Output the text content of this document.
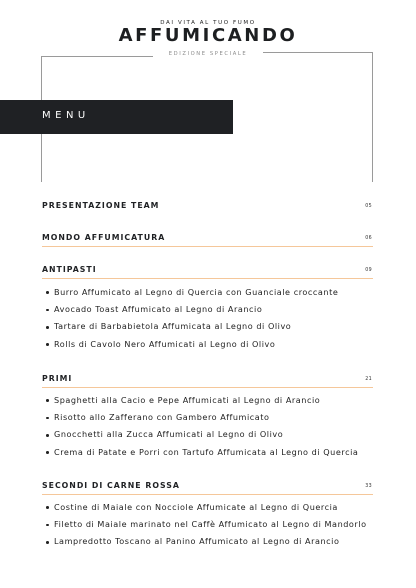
DAI VITA AL TUO FUMO
AFFUMICANDO
EDIZIONE SPECIALE
MENU
PRESENTAZIONE TEAM	05
MONDO AFFUMICATURA	06
ANTIPASTI	09
Burro Affumicato al Legno di Quercia con Guanciale croccante
Avocado Toast Affumicato al Legno di Arancio
Tartare di Barbabietola Affumicata al Legno di Olivo
Rolls di Cavolo Nero Affumicati al Legno di Olivo
PRIMI	21
Spaghetti alla Cacio e Pepe Affumicati al Legno di Arancio
Risotto allo Zafferano con Gambero Affumicato
Gnocchetti alla Zucca Affumicati al Legno di Olivo
Crema di Patate e Porri con Tartufo Affumicata al Legno di Quercia
SECONDI DI CARNE ROSSA	33
Costine di Maiale con Nocciole Affumicate al Legno di Quercia
Filetto di Maiale marinato nel Caffè Affumicato al Legno di Mandorlo
Lampredotto Toscano al Panino Affumicato al Legno di Arancio
